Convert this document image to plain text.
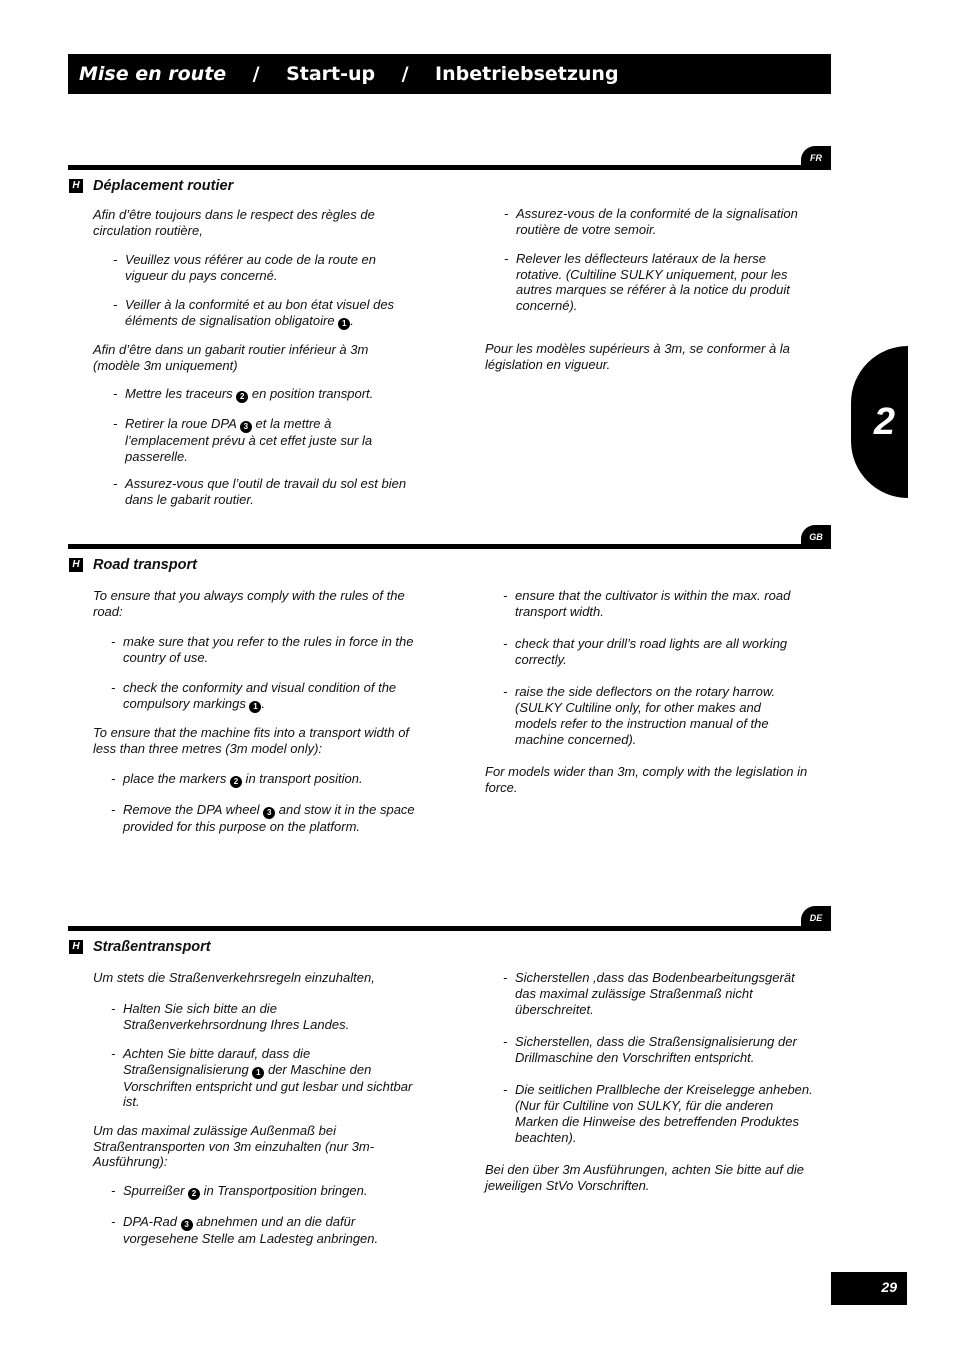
Mise en route / Start-up / Inbetriebsetzung
2
FR
H Déplacement routier
Afin d’être toujours dans le respect des règles de circulation routière,
- Veuillez vous référer au code de la route en vigueur du pays concerné.
- Veiller à la conformité et au bon état visuel des éléments de signalisation obligatoire 1 .
Afin d’être dans un gabarit routier inférieur à 3m (modèle 3m uniquement)
- Mettre les traceurs 2 en position transport.
- Retirer la roue DPA 3 et la mettre à l’emplacement prévu à cet effet juste sur la passerelle.
- Assurez-vous que l’outil de travail du sol est bien dans le gabarit routier.
- Assurez-vous de la conformité de la signalisation routière de votre semoir.
- Relever les déflecteurs latéraux de la herse rotative. (Cultiline SULKY uniquement, pour les autres marques se référer à la notice du produit concerné).
Pour les modèles supérieurs à 3m, se conformer à la législation en vigueur.
GB
H Road transport
To ensure that you always comply with the rules of the road:
- make sure that you refer to the rules in force in the country of use.
- check the conformity and visual condition of the compulsory markings 1 .
To ensure that the machine fits into a transport width of less than three metres (3m model only):
- place the markers 2 in transport position.
- Remove the DPA wheel 3 and stow it in the space provided for this purpose on the platform.
- ensure that the cultivator is within the max. road transport width.
- check that your drill’s road lights are all working correctly.
- raise the side deflectors on the rotary harrow. (SULKY Cultiline only, for other makes and models refer to the instruction manual of the machine concerned).
For models wider than 3m, comply with the legislation in force.
DE
H Straßentransport
Um stets die Straßenverkehrsregeln einzuhalten,
- Halten Sie sich bitte an die Straßenverkehrsordnung Ihres Landes.
- Achten Sie bitte darauf, dass die Straßensignalisierung 1 der Maschine den Vorschriften entspricht und gut lesbar und sichtbar ist.
Um das maximal zulässige Außenmaß bei Straßentransporten von 3m einzuhalten (nur 3m-Ausführung):
- Spurreißer 2 in Transportposition bringen.
- DPA-Rad 3 abnehmen und an die dafür vorgesehene Stelle am Ladesteg anbringen.
- Sicherstellen ,dass das Bodenbearbeitungsgerät das maximal zulässige Straßenmaß nicht überschreitet.
- Sicherstellen, dass die Straßensignalisierung der Drillmaschine den Vorschriften entspricht.
- Die seitlichen Prallbleche der Kreiselegge anheben. (Nur für Cultiline von SULKY, für die anderen Marken die Hinweise des betreffenden Produktes beachten).
Bei den über 3m Ausführungen, achten Sie bitte auf die jeweiligen StVo Vorschriften.
29
